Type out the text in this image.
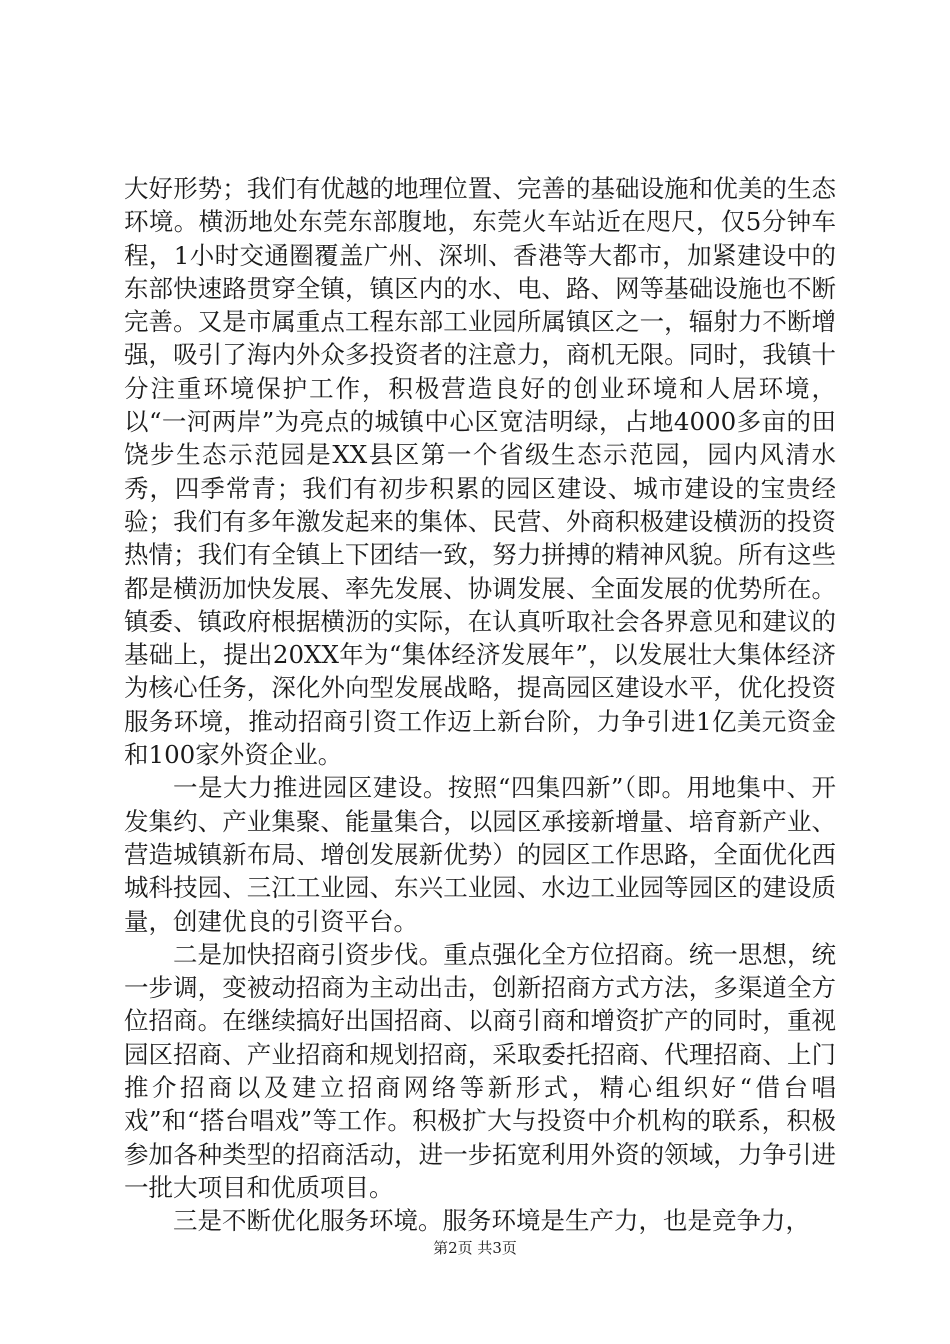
大好形势；我们有优越的地理位置、完善的基础设施和优美的生态环境。横沥地处东莞东部腹地，东莞火车站近在咫尺，仅5分钟车程，1小时交通圈覆盖广州、深圳、香港等大都市，加紧建设中的东部快速路贯穿全镇，镇区内的水、电、路、网等基础设施也不断完善。又是市属重点工程东部工业园所属镇区之一，辐射力不断增强，吸引了海内外众多投资者的注意力，商机无限。同时，我镇十分注重环境保护工作，积极营造良好的创业环境和人居环境，以“一河两岸”为亮点的城镇中心区宽洁明绿，占地4000多亩的田饶步生态示范园是XX县区第一个省级生态示范园，园内风清水秀，四季常青；我们有初步积累的园区建设、城市建设的宝贵经验；我们有多年激发起来的集体、民营、外商积极建设横沥的投资热情；我们有全镇上下团结一致，努力拼搏的精神风貌。所有这些都是横沥加快发展、率先发展、协调发展、全面发展的优势所在。镇委、镇政府根据横沥的实际，在认真听取社会各界意见和建议的基础上，提出20XX年为“集体经济发展年”，以发展壮大集体经济为核心任务，深化外向型发展战略，提高园区建设水平，优化投资服务环境，推动招商引资工作迈上新台阶，力争引进1亿美元资金和100家外资企业。

一是大力推进园区建设。按照“四集四新”（即。用地集中、开发集约、产业集聚、能量集合，以园区承接新增量、培育新产业、营造城镇新布局、增创发展新优势）的园区工作思路，全面优化西城科技园、三江工业园、东兴工业园、水边工业园等园区的建设质量，创建优良的引资平台。

二是加快招商引资步伐。重点强化全方位招商。统一思想，统一步调，变被动招商为主动出击，创新招商方式方法，多渠道全方位招商。在继续搞好出国招商、以商引商和增资扩产的同时，重视园区招商、产业招商和规划招商，采取委托招商、代理招商、上门推介招商以及建立招商网络等新形式，精心组织好“借台唱戏”和“搭台唱戏”等工作。积极扩大与投资中介机构的联系，积极参加各种类型的招商活动，进一步拓宽利用外资的领域，力争引进一批大项目和优质项目。

三是不断优化服务环境。服务环境是生产力，也是竞争力，

第2页 共3页
